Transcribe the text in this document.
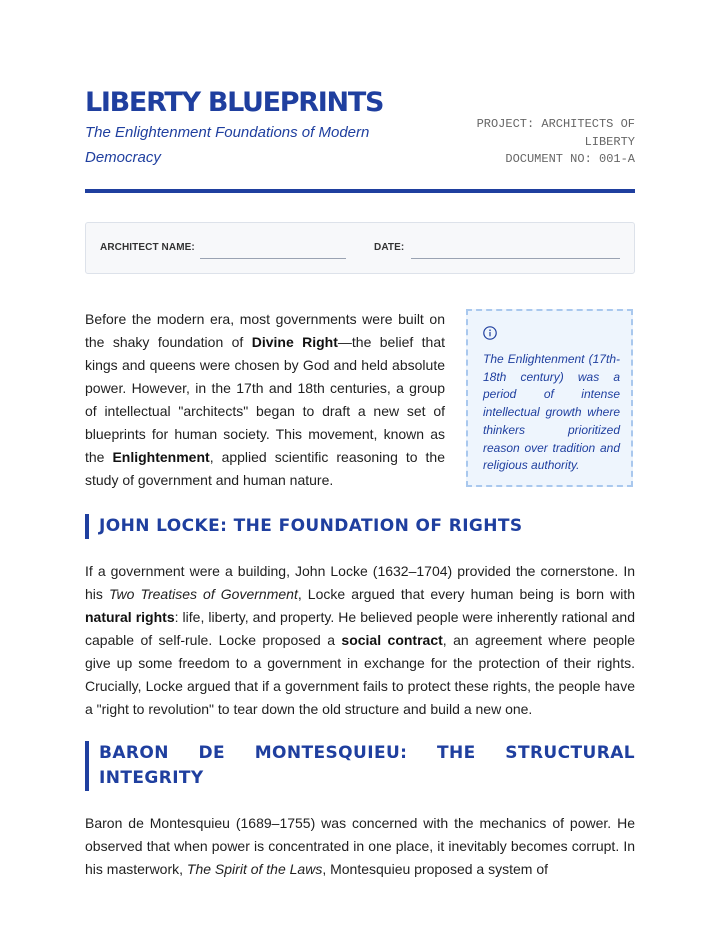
LIBERTY BLUEPRINTS

The Enlightenment Foundations of Modern Democracy

PROJECT: ARCHITECTS OF
LIBERTY
DOCUMENT NO: 001-A
ARCHITECT NAME:	DATE:

Before the modern era, most governments were built on the shaky foundation of Divine Right—the belief that kings and queens were chosen by God and held absolute power. However, in the 17th and 18th centuries, a group of intellectual "architects" began to draft a new set of blueprints for human society. This movement, known as the Enlightenment, applied scientific reasoning to the study of government and human nature.

The Enlightenment (17th-18th century) was a period of intense intellectual growth where thinkers prioritized reason over tradition and religious authority.

JOHN LOCKE: THE FOUNDATION OF RIGHTS

If a government were a building, John Locke (1632–1704) provided the cornerstone. In his Two Treatises of Government, Locke argued that every human being is born with natural rights: life, liberty, and property. He believed people were inherently rational and capable of self-rule. Locke proposed a social contract, an agreement where people give up some freedom to a government in exchange for the protection of their rights. Crucially, Locke argued that if a government fails to protect these rights, the people have a "right to revolution" to tear down the old structure and build a new one.

BARON DE MONTESQUIEU: THE STRUCTURAL INTEGRITY

Baron de Montesquieu (1689–1755) was concerned with the mechanics of power. He observed that when power is concentrated in one place, it inevitably becomes corrupt. In his masterwork, The Spirit of the Laws, Montesquieu proposed a system of
